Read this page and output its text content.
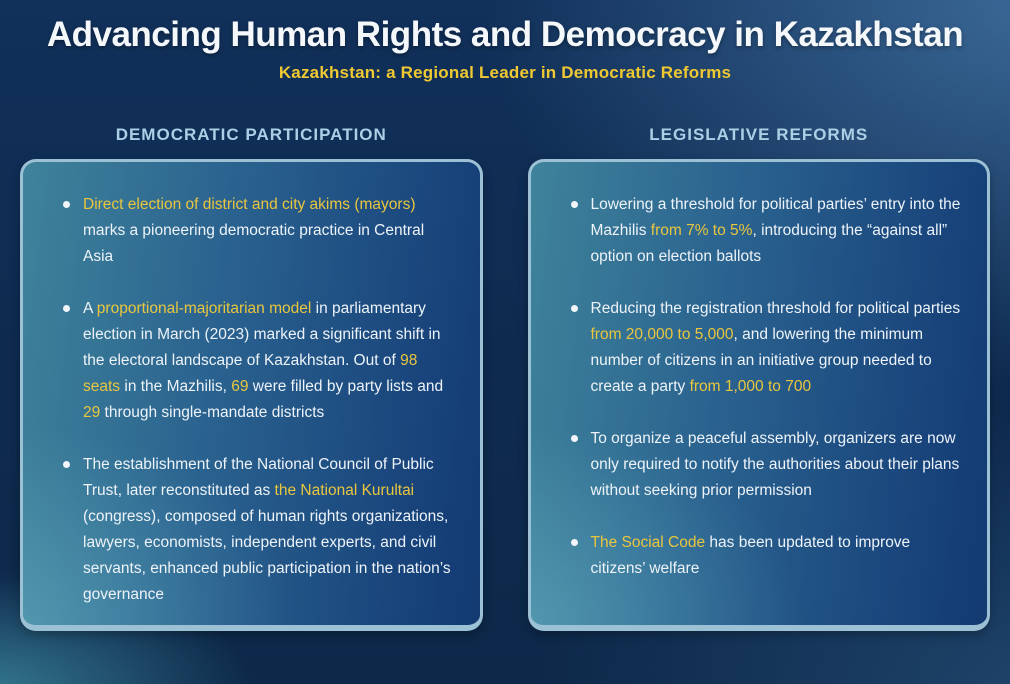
Advancing Human Rights and Democracy in Kazakhstan
Kazakhstan: a Regional Leader in Democratic Reforms
DEMOCRATIC PARTICIPATION
Direct election of district and city akims (mayors) marks a pioneering democratic practice in Central Asia
A proportional-majoritarian model in parliamentary election in March (2023) marked a significant shift in the electoral landscape of Kazakhstan. Out of 98 seats in the Mazhilis, 69 were filled by party lists and 29 through single-mandate districts
The establishment of the National Council of Public Trust, later reconstituted as the National Kurultai (congress), composed of human rights organizations, lawyers, economists, independent experts, and civil servants, enhanced public participation in the nation’s governance
LEGISLATIVE REFORMS
Lowering a threshold for political parties’ entry into the Mazhilis from 7% to 5%, introducing the “against all” option on election ballots
Reducing the registration threshold for political parties from 20,000 to 5,000, and lowering the minimum number of citizens in an initiative group needed to create a party from 1,000 to 700
To organize a peaceful assembly, organizers are now only required to notify the authorities about their plans without seeking prior permission
The Social Code has been updated to improve citizens’ welfare
